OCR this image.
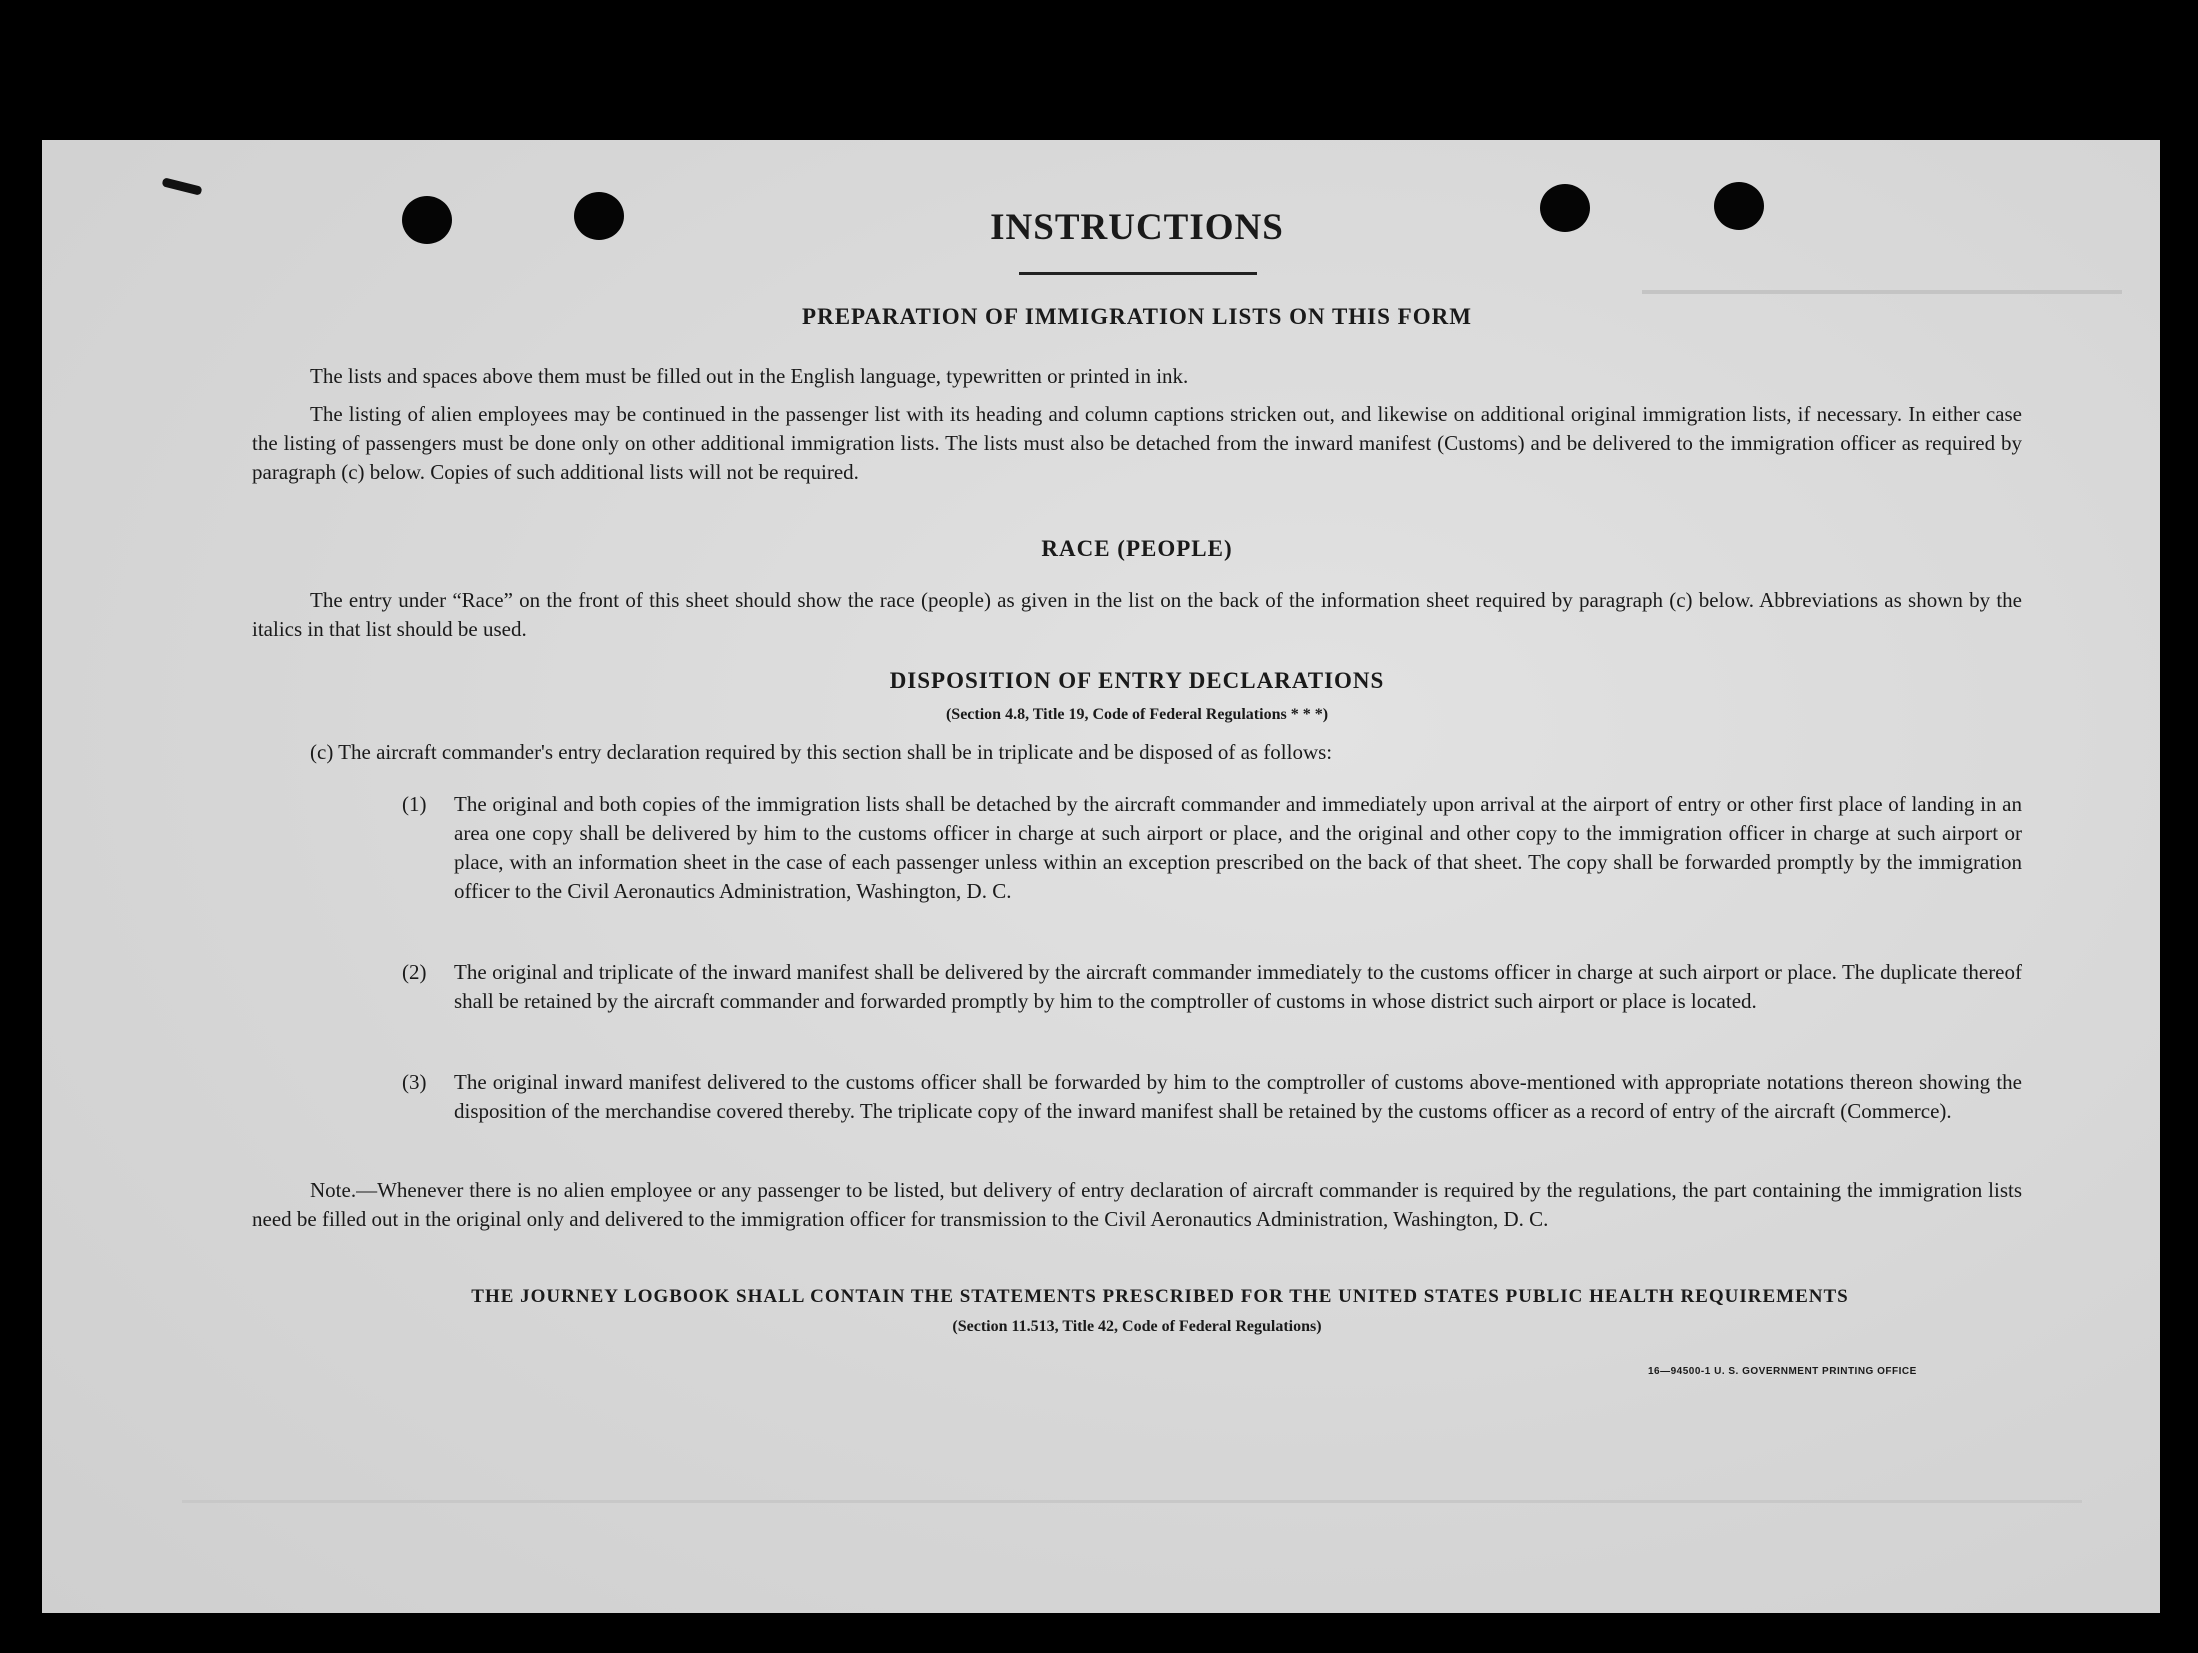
INSTRUCTIONS
PREPARATION OF IMMIGRATION LISTS ON THIS FORM
The lists and spaces above them must be filled out in the English language, typewritten or printed in ink.
The listing of alien employees may be continued in the passenger list with its heading and column captions stricken out, and likewise on additional original immigration lists, if necessary. In either case the listing of passengers must be done only on other additional immigration lists. The lists must also be detached from the inward manifest (Customs) and be delivered to the immigration officer as required by paragraph (c) below. Copies of such additional lists will not be required.
RACE (PEOPLE)
The entry under “Race” on the front of this sheet should show the race (people) as given in the list on the back of the information sheet required by paragraph (c) below. Abbreviations as shown by the italics in that list should be used.
DISPOSITION OF ENTRY DECLARATIONS
(Section 4.8, Title 19, Code of Federal Regulations * * *)
(c) The aircraft commander's entry declaration required by this section shall be in triplicate and be disposed of as follows:
(1) The original and both copies of the immigration lists shall be detached by the aircraft commander and immediately upon arrival at the airport of entry or other first place of landing in an area one copy shall be delivered by him to the customs officer in charge at such airport or place, and the original and other copy to the immigration officer in charge at such airport or place, with an information sheet in the case of each passenger unless within an exception prescribed on the back of that sheet. The copy shall be forwarded promptly by the immigration officer to the Civil Aeronautics Administration, Washington, D. C.
(2) The original and triplicate of the inward manifest shall be delivered by the aircraft commander immediately to the customs officer in charge at such airport or place. The duplicate thereof shall be retained by the aircraft commander and forwarded promptly by him to the comptroller of customs in whose district such airport or place is located.
(3) The original inward manifest delivered to the customs officer shall be forwarded by him to the comptroller of customs above-mentioned with appropriate notations thereon showing the disposition of the merchandise covered thereby. The triplicate copy of the inward manifest shall be retained by the customs officer as a record of entry of the aircraft (Commerce).
Note.—Whenever there is no alien employee or any passenger to be listed, but delivery of entry declaration of aircraft commander is required by the regulations, the part containing the immigration lists need be filled out in the original only and delivered to the immigration officer for transmission to the Civil Aeronautics Administration, Washington, D. C.
THE JOURNEY LOGBOOK SHALL CONTAIN THE STATEMENTS PRESCRIBED FOR THE UNITED STATES PUBLIC HEALTH REQUIREMENTS
(Section 11.513, Title 42, Code of Federal Regulations)
16—94500-1 U. S. GOVERNMENT PRINTING OFFICE
